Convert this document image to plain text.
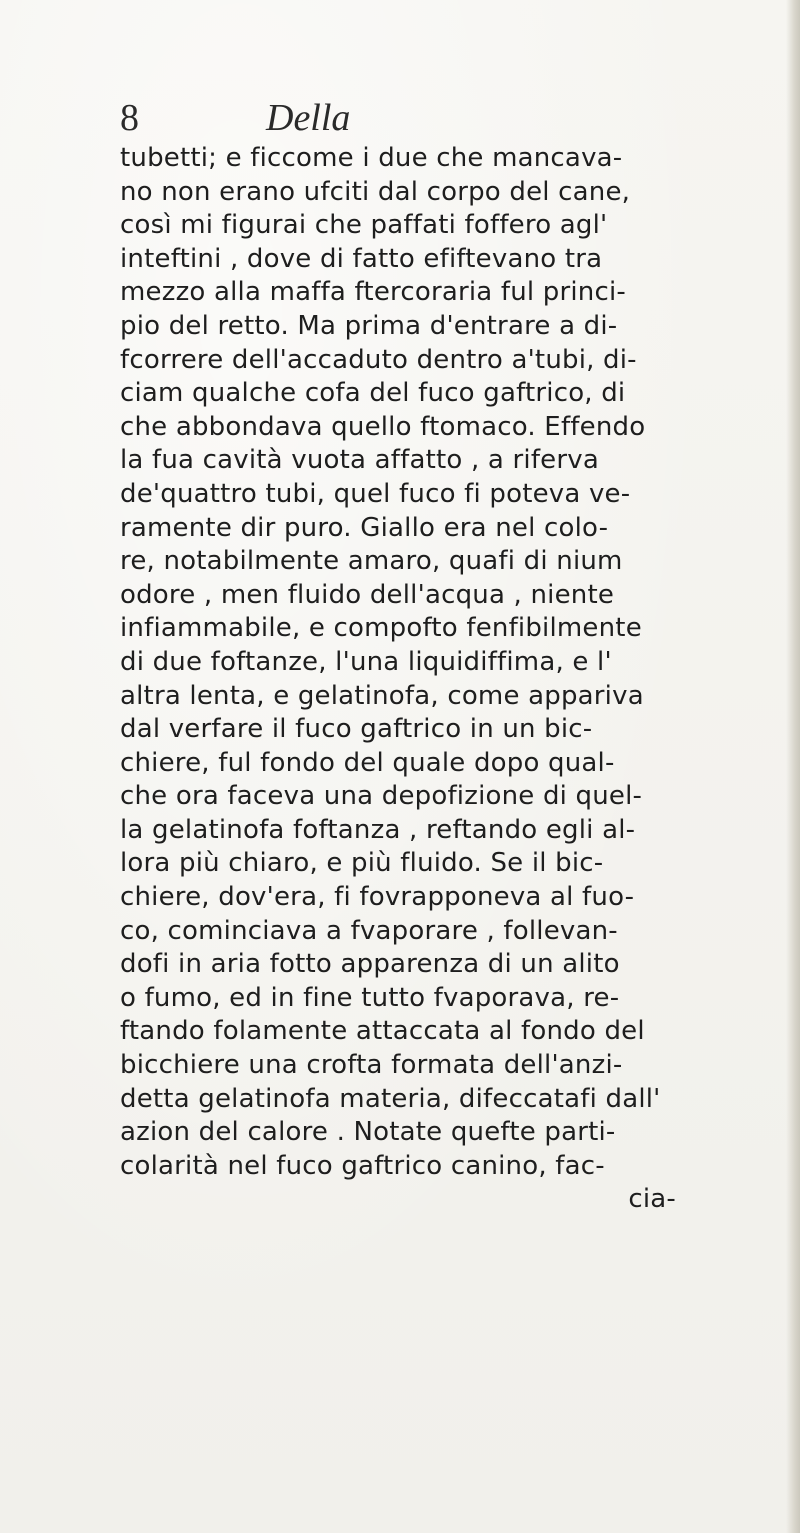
8	Della
tubetti; e ficcome i due che mancava-
no non erano ufciti dal corpo del cane,
così mi figurai che paffati foffero agl'
inteftini , dove di fatto efiftevano tra
mezzo alla maffa ftercoraria ful princi-
pio del retto. Ma prima d'entrare a di-
fcorrere dell'accaduto dentro a'tubi, di-
ciam qualche cofa del fuco gaftrico, di
che abbondava quello ftomaco. Effendo
la fua cavità vuota affatto , a riferva
de'quattro tubi, quel fuco fi poteva ve-
ramente dir puro. Giallo era nel colo-
re, notabilmente amaro, quafi di nium
odore , men fluido dell'acqua , niente
infiammabile, e compofto fenfibilmente
di due foftanze, l'una liquidiffima, e l'
altra lenta, e gelatinofa, come appariva
dal verfare il fuco gaftrico in un bic-
chiere, ful fondo del quale dopo qual-
che ora faceva una depofizione di quel-
la gelatinofa foftanza , reftando egli al-
lora più chiaro, e più fluido. Se il bic-
chiere, dov'era, fi fovrapponeva al fuo-
co, cominciava a fvaporare , follevan-
dofi in aria fotto apparenza di un alito
o fumo, ed in fine tutto fvaporava, re-
ftando folamente attaccata al fondo del
bicchiere una crofta formata dell'anzi-
detta gelatinofa materia, difeccatafi dall'
azion del calore . Notate quefte parti-
colarità nel fuco gaftrico canino, fac-
cia-
